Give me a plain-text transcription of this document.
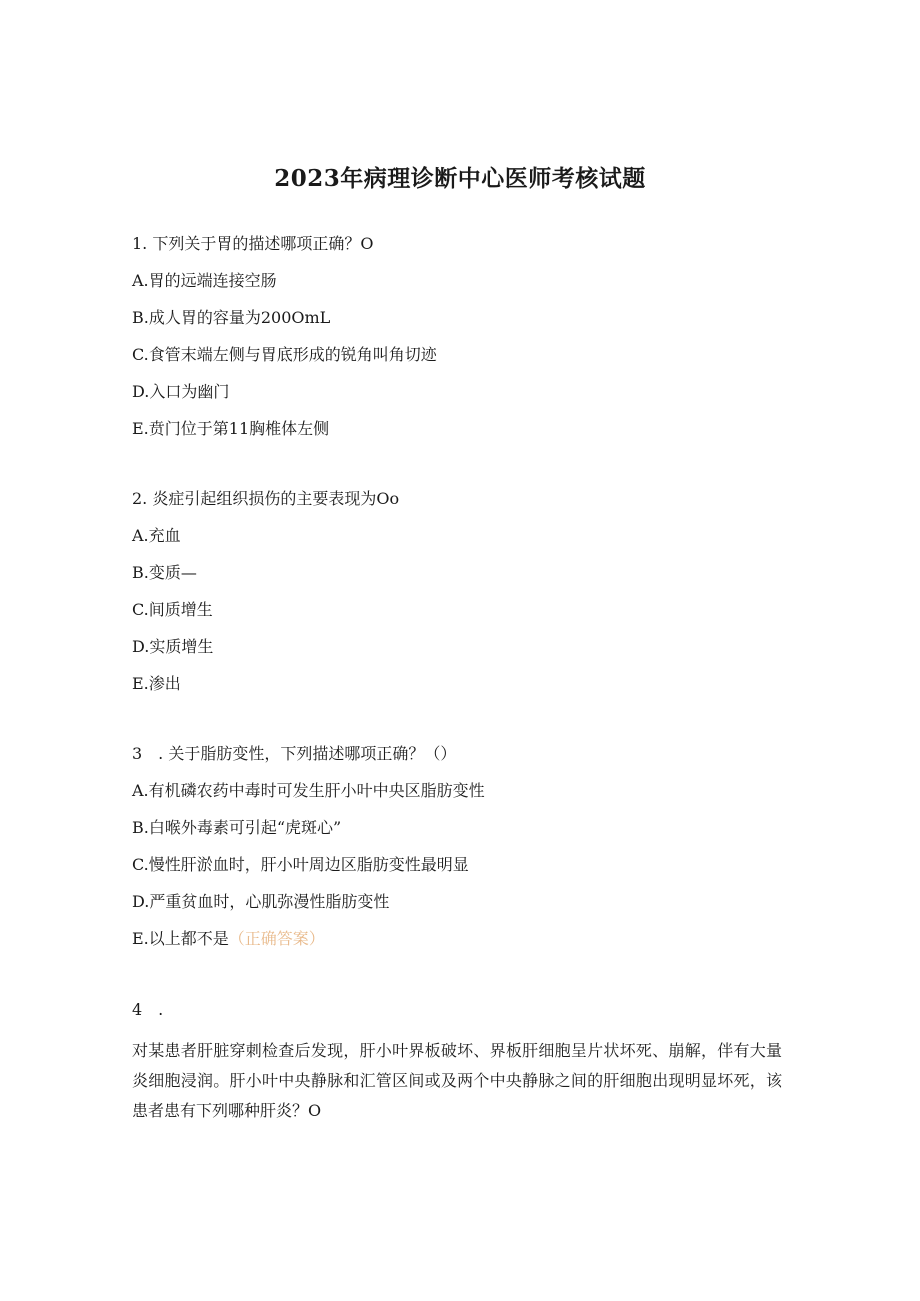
2023年病理诊断中心医师考核试题
1. 下列关于胃的描述哪项正确？O
A.胃的远端连接空肠
B.成人胃的容量为200OmL
C.食管末端左侧与胃底形成的锐角叫角切迹
D.入口为幽门
E.贲门位于第11胸椎体左侧
2. 炎症引起组织损伤的主要表现为Oo
A.充血
B.变质—
C.间质增生
D.实质增生
E.渗出
3　. 关于脂肪变性，下列描述哪项正确？（）
A.有机磷农药中毒时可发生肝小叶中央区脂肪变性
B.白喉外毒素可引起“虎斑心”
C.慢性肝淤血时，肝小叶周边区脂肪变性最明显
D.严重贫血时，心肌弥漫性脂肪变性
E.以上都不是（正确答案）
4　.
对某患者肝脏穿刺检查后发现，肝小叶界板破坏、界板肝细胞呈片状坏死、崩解，伴有大量炎细胞浸润。肝小叶中央静脉和汇管区间或及两个中央静脉之间的肝细胞出现明显坏死，该患者患有下列哪种肝炎？O
